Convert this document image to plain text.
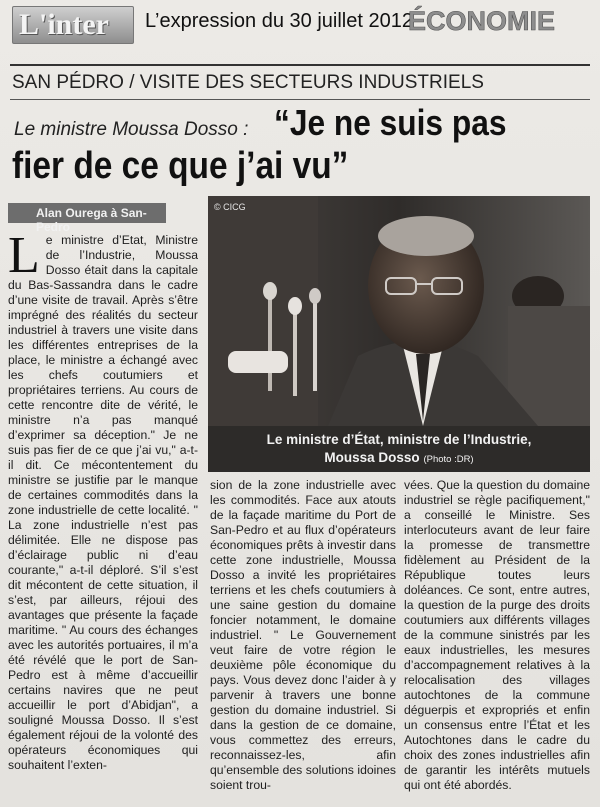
L'inter L’expression du 30 juillet 2012
ÉCONOMIE
SAN PÉDRO / VISITE DES SECTEURS INDUSTRIELS
Le ministre Moussa Dosso : “Je ne suis pas
fier de ce que j’ai vu”
Alan Ourega à San-Pedro
© CICG
Le ministre d’État, ministre de l’Industrie,
Moussa Dosso (Photo :DR)
L e ministre d’Etat, Ministre de l’Industrie, Moussa Dosso était dans la capitale du Bas-Sassandra dans le cadre d’une visite de travail. Après s’être imprégné des réalités du secteur industriel à travers une visite dans les différentes entreprises de la place, le ministre a échangé avec les chefs coutumiers et propriétaires terriens. Au cours de cette rencontre dite de vérité, le ministre n’a pas manqué d’exprimer sa déception." Je ne suis pas fier de ce que j’ai vu," a-t-il dit. Ce mécontentement du ministre se justifie par le manque de certaines commodités dans la zone industrielle de cette localité. " La zone industrielle n’est pas délimitée. Elle ne dispose pas d’éclairage public ni d’eau courante," a-t-il déploré. S’il s’est dit mécontent de cette situation, il s’est, par ailleurs, réjoui des avantages que présente la façade maritime. " Au cours des échanges avec les autorités portuaires, il m’a été révélé que le port de San-Pedro est à même d’accueillir certains navires que ne peut accueillir le port d’Abidjan", a souligné Moussa Dosso. Il s’est également réjoui de la volonté des opérateurs économiques qui souhaitent l’exten-

sion de la zone industrielle avec les commodités. Face aux atouts de la façade maritime du Port de San-Pedro et au flux d’opérateurs économiques prêts à investir dans cette zone industrielle, Moussa Dosso a invité les propriétaires terriens et les chefs coutumiers à une saine gestion du domaine foncier notamment, le domaine industriel. " Le Gouvernement veut faire de votre région le deuxième pôle économique du pays. Vous devez donc l’aider à y parvenir à travers une bonne gestion du domaine industriel. Si dans la gestion de ce domaine, vous commettez des erreurs, reconnaissez-les, afin qu’ensemble des solutions idoines soient trou-

vées. Que la question du domaine industriel se règle pacifiquement," a conseillé le Ministre. Ses interlocuteurs avant de leur faire la promesse de transmettre fidèlement au Président de la République toutes leurs doléances. Ce sont, entre autres, la question de la purge des droits coutumiers aux différents villages de la commune sinistrés par les eaux industrielles, les mesures d’accompagnement relatives à la relocalisation des villages autochtones de la commune déguerpis et expropriés et enfin un consensus entre l’État et les Autochtones dans le cadre du choix des zones industrielles afin de garantir les intérêts mutuels qui ont été abordés.
